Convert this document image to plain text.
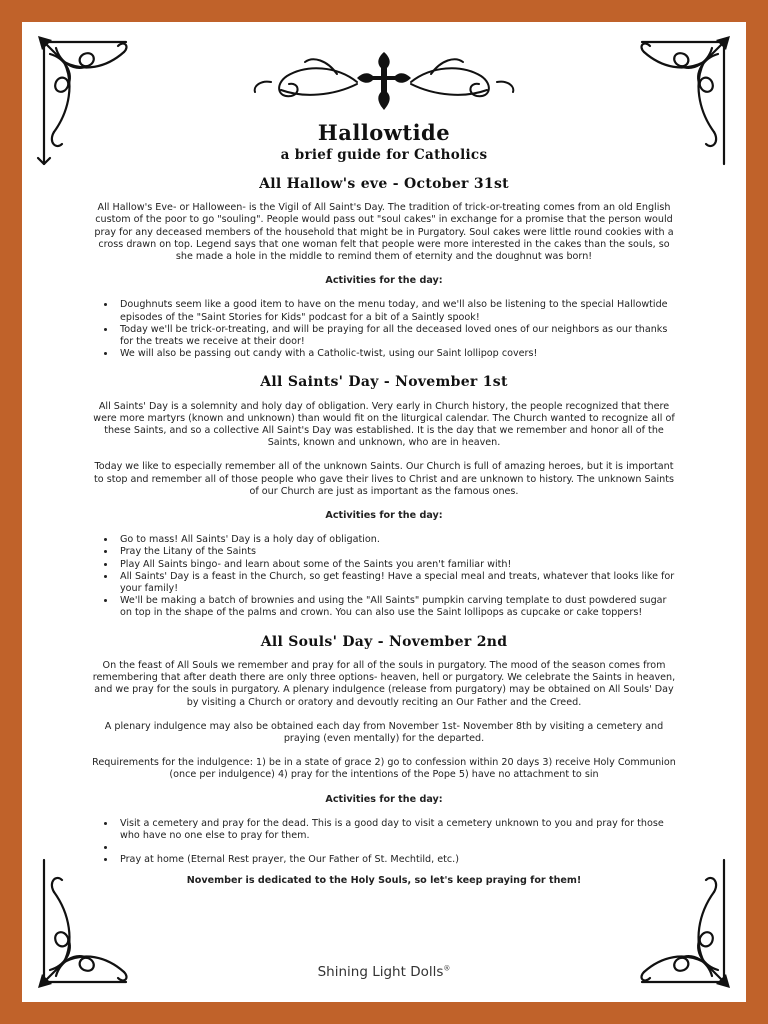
Hallowtide
a brief guide for Catholics
All Hallow's eve - October 31st

All Hallow's Eve- or Halloween- is the Vigil of All Saint's Day. The tradition of trick-or-treating comes from an old English custom of the poor to go "souling". People would pass out "soul cakes" in exchange for a promise that the person would pray for any deceased members of the household that might be in Purgatory. Soul cakes were little round cookies with a cross drawn on top. Legend says that one woman felt that people were more interested in the cakes than the souls, so she made a hole in the middle to remind them of eternity and the doughnut was born!

Activities for the day:
• Doughnuts seem like a good item to have on the menu today, and we'll also be listening to the special Hallowtide episodes of the "Saint Stories for Kids" podcast for a bit of a Saintly spook!
• Today we'll be trick-or-treating, and will be praying for all the deceased loved ones of our neighbors as our thanks for the treats we receive at their door!
• We will also be passing out candy with a Catholic-twist, using our Saint lollipop covers!
All Saints' Day - November 1st

All Saints' Day is a solemnity and holy day of obligation. Very early in Church history, the people recognized that there were more martyrs (known and unknown) than would fit on the liturgical calendar. The Church wanted to recognize all of these Saints, and so a collective All Saint's Day was established. It is the day that we remember and honor all of the Saints, known and unknown, who are in heaven.

Today we like to especially remember all of the unknown Saints. Our Church is full of amazing heroes, but it is important to stop and remember all of those people who gave their lives to Christ and are unknown to history. The unknown Saints of our Church are just as important as the famous ones.

Activities for the day:
• Go to mass! All Saints' Day is a holy day of obligation.
• Pray the Litany of the Saints
• Play All Saints bingo- and learn about some of the Saints you aren't familiar with!
• All Saints' Day is a feast in the Church, so get feasting! Have a special meal and treats, whatever that looks like for your family!
• We'll be making a batch of brownies and using the "All Saints" pumpkin carving template to dust powdered sugar on top in the shape of the palms and crown. You can also use the Saint lollipops as cupcake or cake toppers!
All Souls' Day - November 2nd

On the feast of All Souls we remember and pray for all of the souls in purgatory. The mood of the season comes from remembering that after death there are only three options- heaven, hell or purgatory. We celebrate the Saints in heaven, and we pray for the souls in purgatory. A plenary indulgence (release from purgatory) may be obtained on All Souls' Day by visiting a Church or oratory and devoutly reciting an Our Father and the Creed.

A plenary indulgence may also be obtained each day from November 1st- November 8th by visiting a cemetery and praying (even mentally) for the departed.

Requirements for the indulgence: 1) be in a state of grace 2) go to confession within 20 days 3) receive Holy Communion (once per indulgence) 4) pray for the intentions of the Pope 5) have no attachment to sin

Activities for the day:
• Visit a cemetery and pray for the dead. This is a good day to visit a cemetery unknown to you and pray for those who have no one else to pray for them.
•
• Pray at home (Eternal Rest prayer, the Our Father of St. Mechtild, etc.)
November is dedicated to the Holy Souls, so let's keep praying for them!
Shining Light Dolls®
